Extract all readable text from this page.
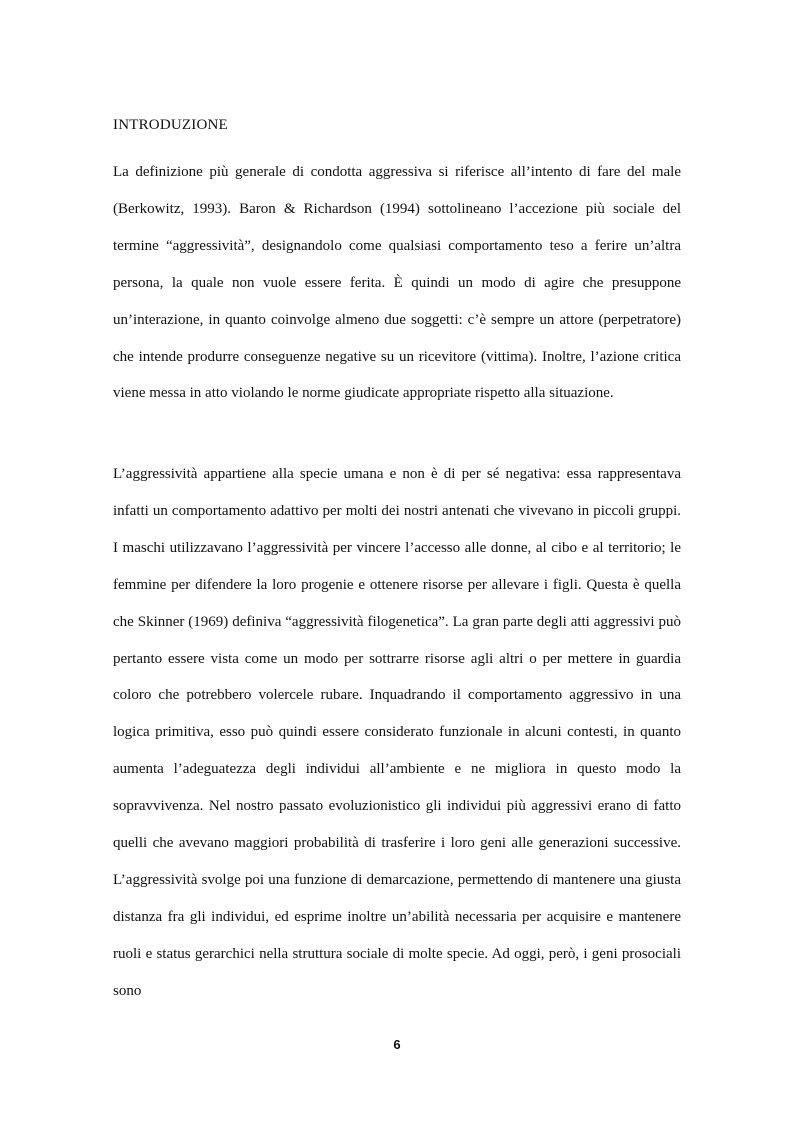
INTRODUZIONE

La definizione più generale di condotta aggressiva si riferisce all’intento di fare del male (Berkowitz, 1993). Baron & Richardson (1994) sottolineano l’accezione più sociale del termine “aggressività”, designandolo come qualsiasi comportamento teso a ferire un’altra persona, la quale non vuole essere ferita. È quindi un modo di agire che presuppone un’interazione, in quanto coinvolge almeno due soggetti: c’è sempre un attore (perpetratore) che intende produrre conseguenze negative su un ricevitore (vittima). Inoltre, l’azione critica viene messa in atto violando le norme giudicate appropriate rispetto alla situazione.

L’aggressività appartiene alla specie umana e non è di per sé negativa: essa rappresentava infatti un comportamento adattivo per molti dei nostri antenati che vivevano in piccoli gruppi. I maschi utilizzavano l’aggressività per vincere l’accesso alle donne, al cibo e al territorio; le femmine per difendere la loro progenie e ottenere risorse per allevare i figli. Questa è quella che Skinner (1969) definiva “aggressività filogenetica”. La gran parte degli atti aggressivi può pertanto essere vista come un modo per sottrarre risorse agli altri o per mettere in guardia coloro che potrebbero volercele rubare. Inquadrando il comportamento aggressivo in una logica primitiva, esso può quindi essere considerato funzionale in alcuni contesti, in quanto aumenta l’adeguatezza degli individui all’ambiente e ne migliora in questo modo la sopravvivenza. Nel nostro passato evoluzionistico gli individui più aggressivi erano di fatto quelli che avevano maggiori probabilità di trasferire i loro geni alle generazioni successive. L’aggressività svolge poi una funzione di demarcazione, permettendo di mantenere una giusta distanza fra gli individui, ed esprime inoltre un’abilità necessaria per acquisire e mantenere ruoli e status gerarchici nella struttura sociale di molte specie. Ad oggi, però, i geni prosociali sono

6
